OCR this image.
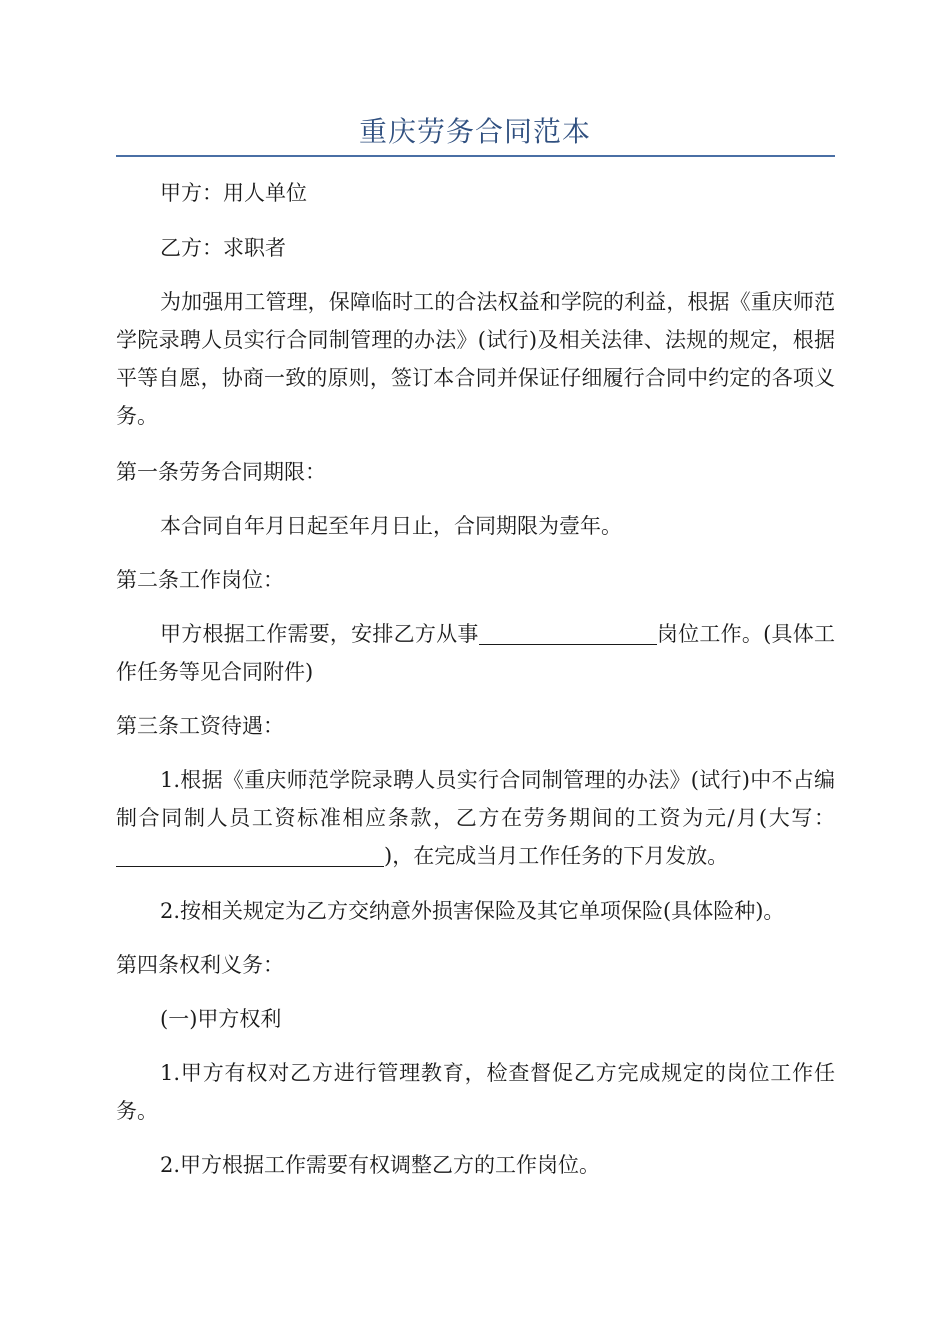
重庆劳务合同范本

甲方：用人单位

乙方：求职者

为加强用工管理，保障临时工的合法权益和学院的利益，根据《重庆师范学院录聘人员实行合同制管理的办法》(试行)及相关法律、法规的规定，根据平等自愿，协商一致的原则，签订本合同并保证仔细履行合同中约定的各项义务。

第一条劳务合同期限：

本合同自年月日起至年月日止，合同期限为壹年。

第二条工作岗位：

甲方根据工作需要，安排乙方从事	岗位工作。(具体工作任务等见合同附件)

第三条工资待遇：

1.根据《重庆师范学院录聘人员实行合同制管理的办法》(试行)中不占编制合同制人员工资标准相应条款，乙方在劳务期间的工资为元/月(大写：)，在完成当月工作任务的下月发放。

2.按相关规定为乙方交纳意外损害保险及其它单项保险(具体险种)。

第四条权利义务：

(一)甲方权利

1.甲方有权对乙方进行管理教育，检查督促乙方完成规定的岗位工作任务。

2.甲方根据工作需要有权调整乙方的工作岗位。
